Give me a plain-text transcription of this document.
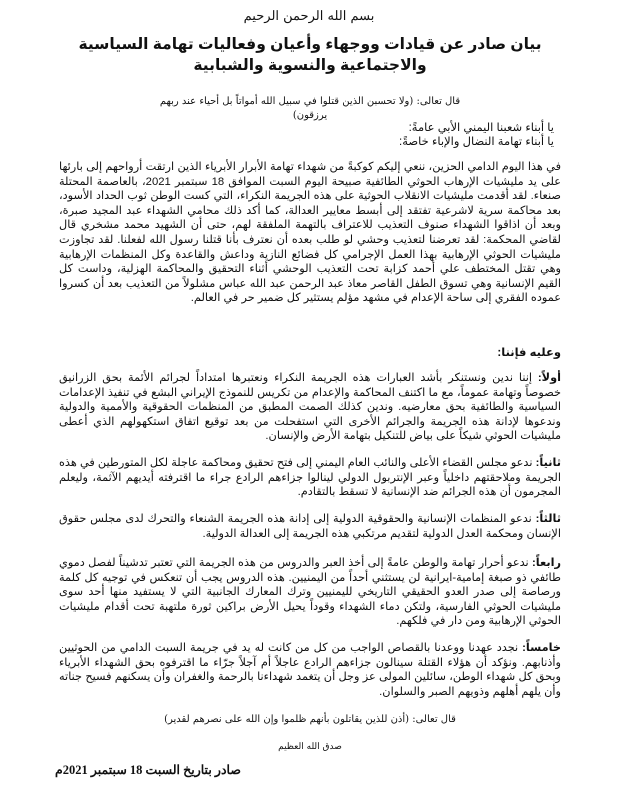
بسم الله الرحمن الرحيم
بيان صادر عن قيادات ووجهاء وأعيان وفعاليات تهامة السياسية والاجتماعية والنسوية والشبابية
قال تعالى: (ولا تحسبن الذين قتلوا في سبيل الله أمواتاً بل أحياء عند ربهم يرزقون)
يا أبناء شعبنا اليمني الأبي عامةً:
يا أبناء تهامة النضال والإباء خاصةً:

في هذا اليوم الدامي الحزين، ننعي إليكم كوكبةً من شهداء تهامة الأبرار الأبرياء الذين ارتقت أرواحهم إلى بارئها على يد مليشيات الإرهاب الحوثي الطائفية صبيحة اليوم السبت الموافق 18 سبتمبر 2021، بالعاصمة المحتلة صنعاء. لقد أقدمت مليشيات الانقلاب الحوثية على هذه الجريمة النكراء، التي كست الوطن ثوب الحداد الأسود، بعد محاكمة سرية لاشرعية تفتقد إلى أبسط معايير العدالة، كما أكد ذلك محامي الشهداء عبد المجيد صبرة، وبعد أن اذاقوا الشهداء صنوف التعذيب للاعتراف بالتهمة الملفقة لهم، حتى أن الشهيد محمد مشخري قال لقاضي المحكمة: لقد تعرضنا لتعذيب وحشي لو طلب بعده أن نعترف بأنا قتلنا رسول الله لفعلنا. لقد تجاوزت مليشيات الحوثي الإرهابية بهذا العمل الإجرامي كل فضائع النازية وداعش والقاعدة وكل المنظمات الإرهابية وهي تقتل المختطف علي أحمد كزابة تحت التعذيب الوحشي أثناء التحقيق والمحاكمة الهزلية، وداست كل القيم الإنسانية وهي تسوق الطفل القاصر معاذ عبد الرحمن عبد الله عباس مشلولاً من التعذيب بعد أن كسروا عموده الفقري إلى ساحة الإعدام في مشهد مؤلم يستثير كل ضمير حر في العالم.

وعليه فإننا:

أولاً: إننا ندين ونستنكر بأشد العبارات هذه الجريمة النكراء ونعتبرها امتداداً لجرائم الأئمة بحق الزرانيق خصوصاً وتهامة عموماً، مع ما اكتنف المحاكمة والإعدام من تكريس للنموذج الإيراني البشع في تنفيذ الإعدامات السياسية والطائفية بحق معارضيه. وندين كذلك الصمت المطبق من المنظمات الحقوقية والأممية والدولية وندعوها لإدانة هذه الجريمة والجرائم الأخرى التي استفحلت من بعد توقيع اتفاق استكهولهم الذي أعطى مليشيات الحوثي شيكاً على بياض للتنكيل بتهامة الأرض والإنسان.

ثانياً: ندعو مجلس القضاء الأعلى والنائب العام اليمني إلى فتح تحقيق ومحاكمة عاجلة لكل المتورطين في هذه الجريمة وملاحقتهم داخلياً وعبر الإنتربول الدولي لينالوا جزاءهم الرادع جراء ما اقترفته أيديهم الآثمة، وليعلم المجرمون أن هذه الجرائم ضد الإنسانية لا تسقط بالتقادم.

ثالثاً: ندعو المنظمات الإنسانية والحقوقية الدولية إلى إدانة هذه الجريمة الشنعاء والتحرك لدى مجلس حقوق الإنسان ومحكمة العدل الدولية لتقديم مرتكبي هذه الجريمة إلى العدالة الدولية.

رابعاً: ندعو أحرار تهامة والوطن عامةً إلى أخذ العبر والدروس من هذه الجريمة التي تعتبر تدشيناً لفصل دموي طائفي ذو صبغة إمامية-ايرانية لن يستثني أحداً من اليمنيين. هذه الدروس يجب أن تنعكس في توجيه كل كلمة ورصاصة إلى صدر العدو الحقيقي التاريخي لليمنيين وترك المعارك الجانبية التي لا يستفيد منها أحد سوى مليشيات الحوثي الفارسية، ولتكن دماء الشهداء وقوداً يحيل الأرض براكين ثورة ملتهبة تحت أقدام مليشيات الحوثي الإرهابية ومن دار في فلكهم.

خامساً: نجدد عهدنا ووعدنا بالقصاص الواجب من كل من كانت له يد في جريمة السبت الدامي من الحوثيين وأذنابهم. ونؤكد أن هؤلاء القتلة سينالون جزاءهم الرادع عاجلاً أم آجلاً جرّاء ما اقترفوه بحق الشهداء الأبرياء وبحق كل شهداء الوطن، سائلين المولى عز وجل أن يتغمد شهداءنا بالرحمة والغفران وأن يسكنهم فسيح جناته وأن يلهم أهلهم وذويهم الصبر والسلوان.

قال تعالى: (أذن للذين يقاتلون بأنهم ظلموا وإن الله على نصرهم لقدير)
صدق الله العظيم
صادر بتاريخ السبت 18 سبتمبر 2021م
